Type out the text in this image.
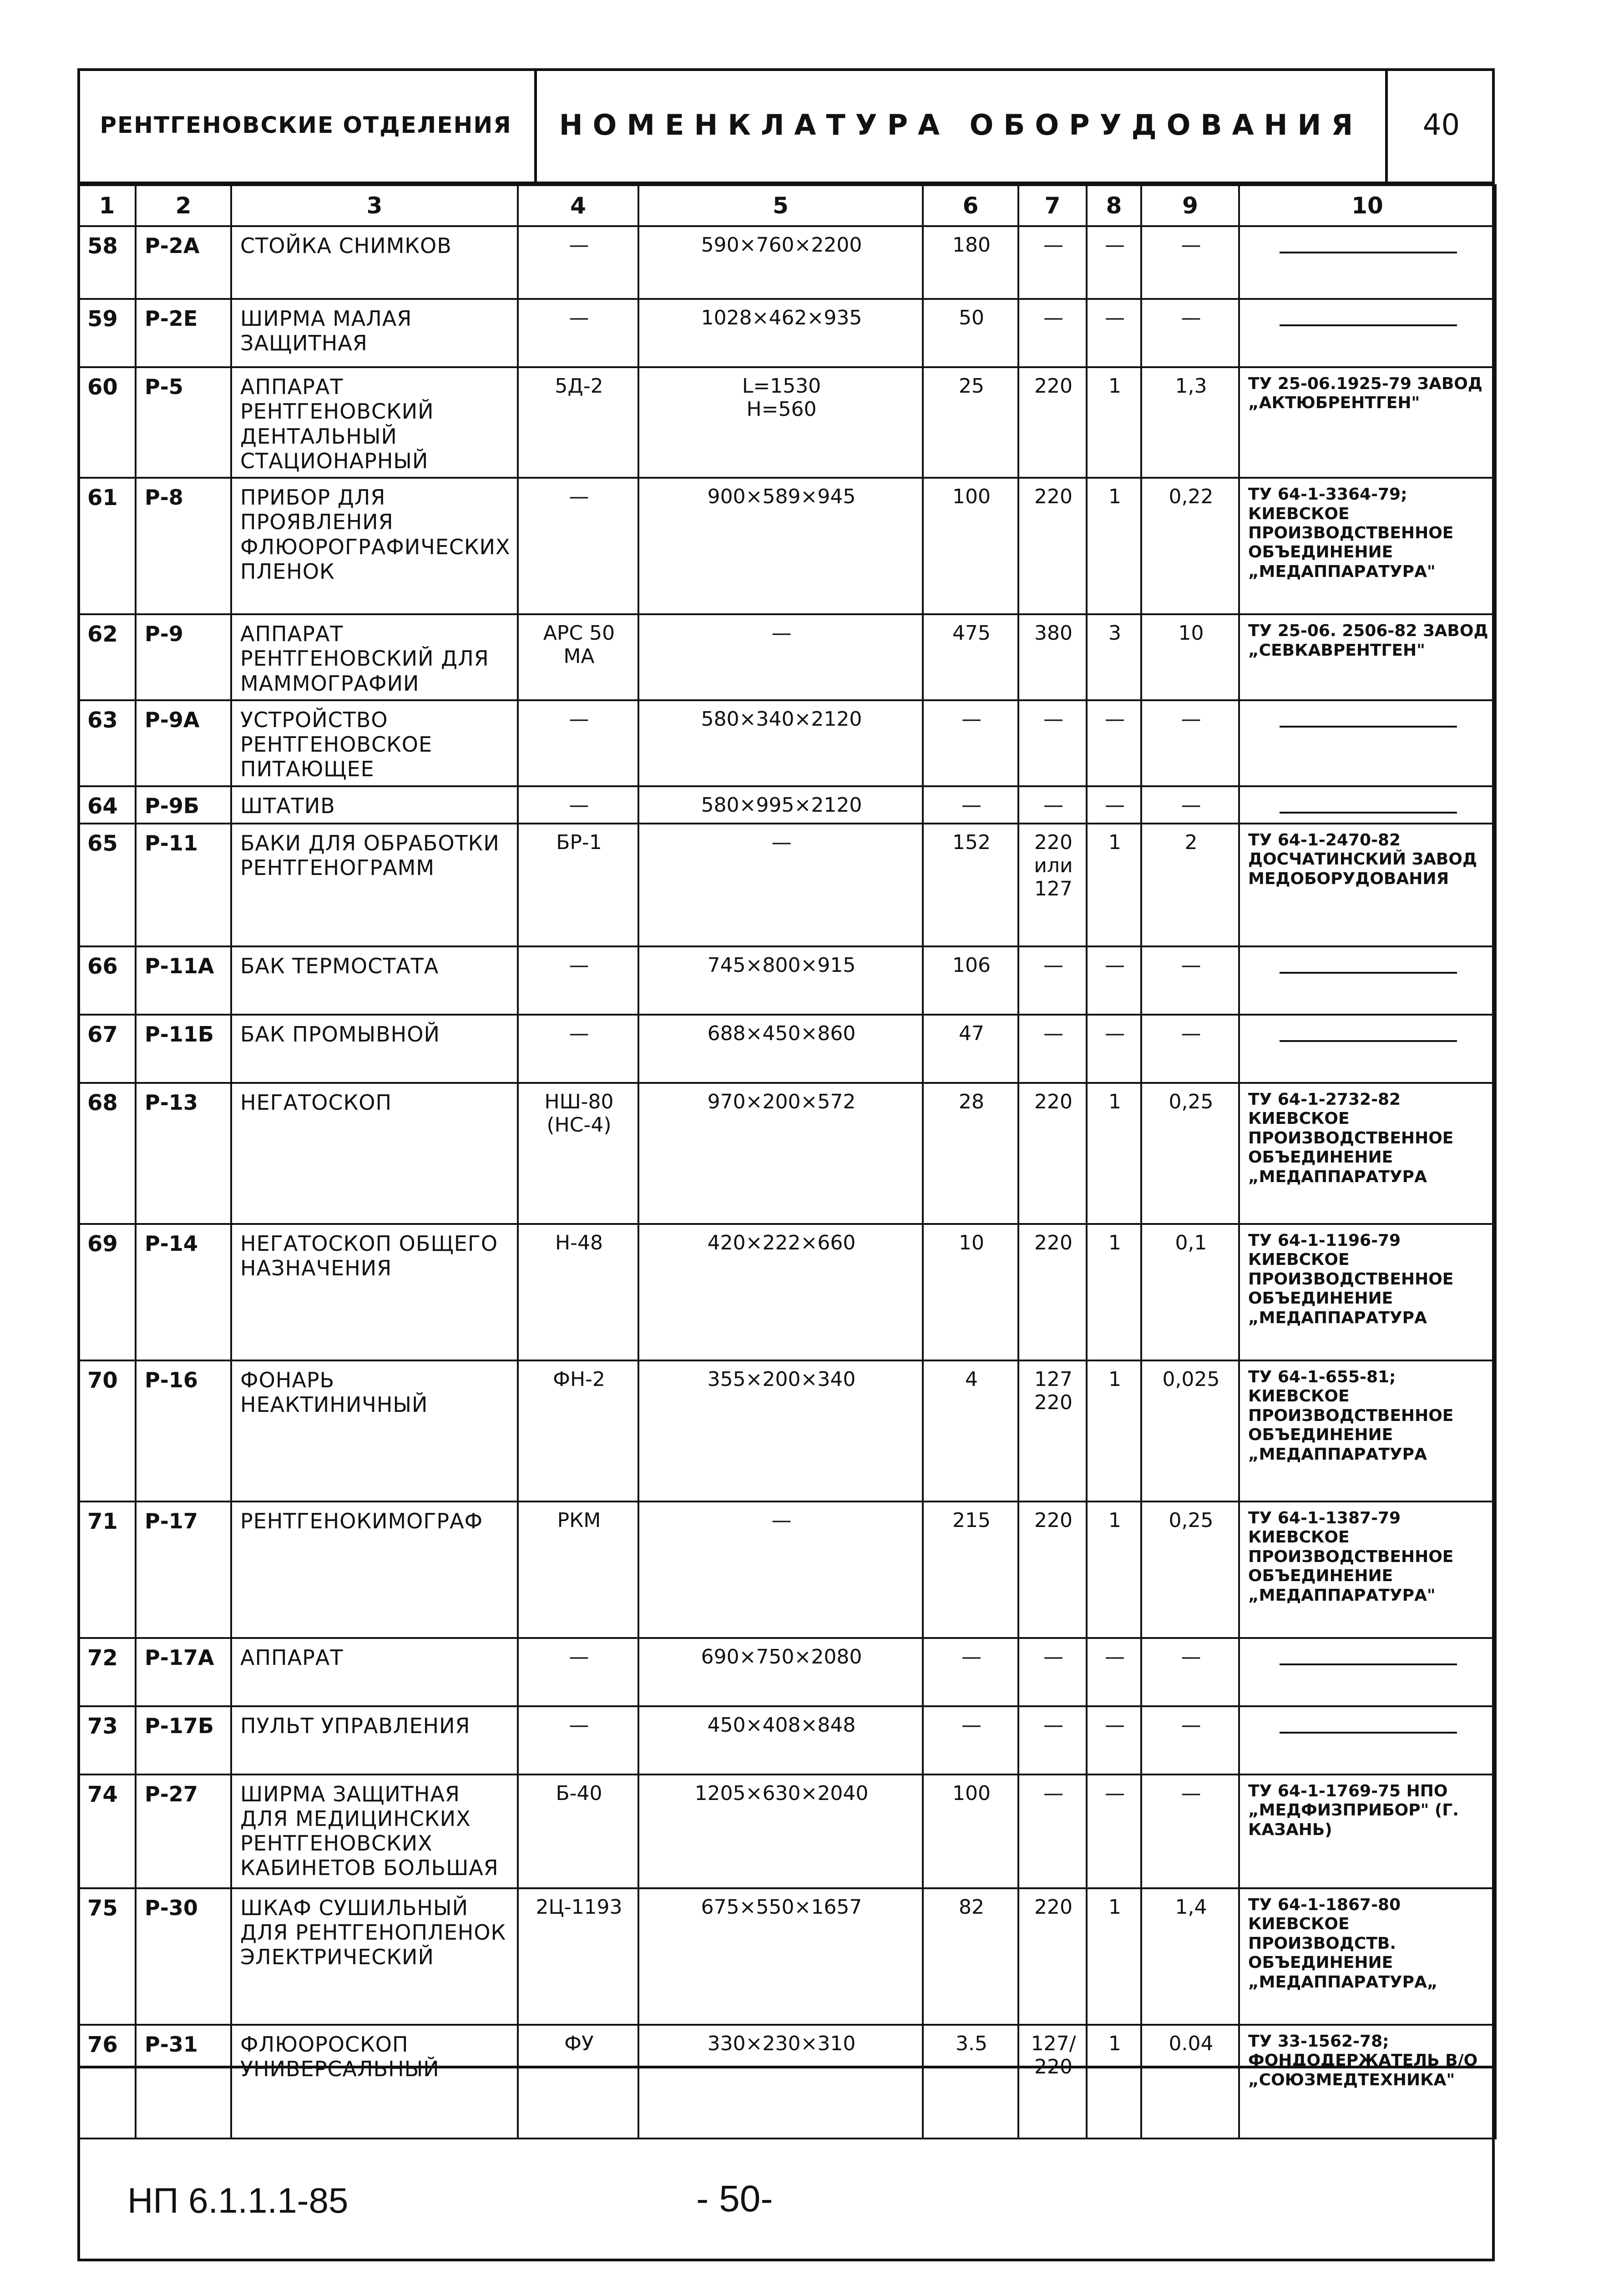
РЕНТГЕНОВСКИЕ ОТДЕЛЕНИЯ	НОМЕНКЛАТУРА ОБОРУДОВАНИЯ	40
1	2	3	4	5	6	7	8	9	10
58	Р-2А	СТОЙКА СНИМКОВ	—	590×760×2200	180	—	—	—	

59	Р-2Е	ШИРМА МАЛАЯ ЗАЩИТНАЯ	—	1028×462×935	50	—	—	—	

60	Р-5	АППАРАТ РЕНТГЕНОВСКИЙ ДЕНТАЛЬНЫЙ СТАЦИОНАРНЫЙ	5Д-2	L=1530
H=560	25	220	1	1,3	ТУ 25-06.1925-79 ЗАВОД „АКТЮБРЕНТГЕН"
61	Р-8	ПРИБОР ДЛЯ ПРОЯВЛЕНИЯ ФЛЮОРОГРАФИЧЕСКИХ ПЛЕНОК	—	900×589×945	100	220	1	0,22	ТУ 64-1-3364-79; КИЕВСКОЕ ПРОИЗВОДСТВЕННОЕ ОБЪЕДИНЕНИЕ „МЕДАППАРАТУРА"
62	Р-9	АППАРАТ РЕНТГЕНОВСКИЙ ДЛЯ МАММОГРАФИИ	АРС 50 МА	—	475	380	3	10	ТУ 25-06. 2506-82 ЗАВОД „СЕВКАВРЕНТГЕН"
63	Р-9А	УСТРОЙСТВО РЕНТГЕНОВСКОЕ ПИТАЮЩЕЕ	—	580×340×2120	—	—	—	—	

64	Р-9Б	ШТАТИВ	—	580×995×2120	—	—	—	—	

65	Р-11	БАКИ ДЛЯ ОБРАБОТКИ РЕНТГЕНОГРАММ	БР-1	—	152	220
или
127	1	2	ТУ 64-1-2470-82 ДОСЧАТИНСКИЙ ЗАВОД МЕДОБОРУДОВАНИЯ
66	Р-11А	БАК ТЕРМОСТАТА	—	745×800×915	106	—	—	—	

67	Р-11Б	БАК ПРОМЫВНОЙ	—	688×450×860	47	—	—	—	

68	Р-13	НЕГАТОСКОП	НШ-80
(НС-4)	970×200×572	28	220	1	0,25	ТУ 64-1-2732-82 КИЕВСКОЕ ПРОИЗВОДСТВЕННОЕ ОБЪЕДИНЕНИЕ „МЕДАППАРАТУРА
69	Р-14	НЕГАТОСКОП ОБЩЕГО НАЗНАЧЕНИЯ	Н-48	420×222×660	10	220	1	0,1	ТУ 64-1-1196-79 КИЕВСКОЕ ПРОИЗВОДСТВЕННОЕ ОБЪЕДИНЕНИЕ „МЕДАППАРАТУРА
70	Р-16	ФОНАРЬ НЕАКТИНИЧНЫЙ	ФН-2	355×200×340	4	127
220	1	0,025	ТУ 64-1-655-81; КИЕВСКОЕ ПРОИЗВОДСТВЕННОЕ ОБЪЕДИНЕНИЕ „МЕДАППАРАТУРА
71	Р-17	РЕНТГЕНОКИМОГРАФ	РКМ	—	215	220	1	0,25	ТУ 64-1-1387-79 КИЕВСКОЕ ПРОИЗВОДСТВЕННОЕ ОБЪЕДИНЕНИЕ „МЕДАППАРАТУРА"
72	Р-17А	АППАРАТ	—	690×750×2080	—	—	—	—	

73	Р-17Б	ПУЛЬТ УПРАВЛЕНИЯ	—	450×408×848	—	—	—	—	

74	Р-27	ШИРМА ЗАЩИТНАЯ ДЛЯ МЕДИЦИНСКИХ РЕНТГЕНОВСКИХ КАБИНЕТОВ БОЛЬШАЯ	Б-40	1205×630×2040	100	—	—	—	ТУ 64-1-1769-75 НПО „МЕДФИЗПРИБОР" (Г. КАЗАНЬ)
75	Р-30	ШКАФ СУШИЛЬНЫЙ ДЛЯ РЕНТГЕНОПЛЕНОК ЭЛЕКТРИЧЕСКИЙ	2Ц-1193	675×550×1657	82	220	1	1,4	ТУ 64-1-1867-80 КИЕВСКОЕ ПРОИЗВОДСТВ. ОБЪЕДИНЕНИЕ „МЕДАППАРАТУРА„
76	Р-31	ФЛЮОРОСКОП УНИВЕРСАЛЬНЫЙ	ФУ	330×230×310	3.5	127/
220	1	0.04	ТУ 33-1562-78; ФОНДОДЕРЖАТЕЛЬ В/О „СОЮЗМЕДТЕХНИКА"
НП 6.1.1.1-85	- 50-
